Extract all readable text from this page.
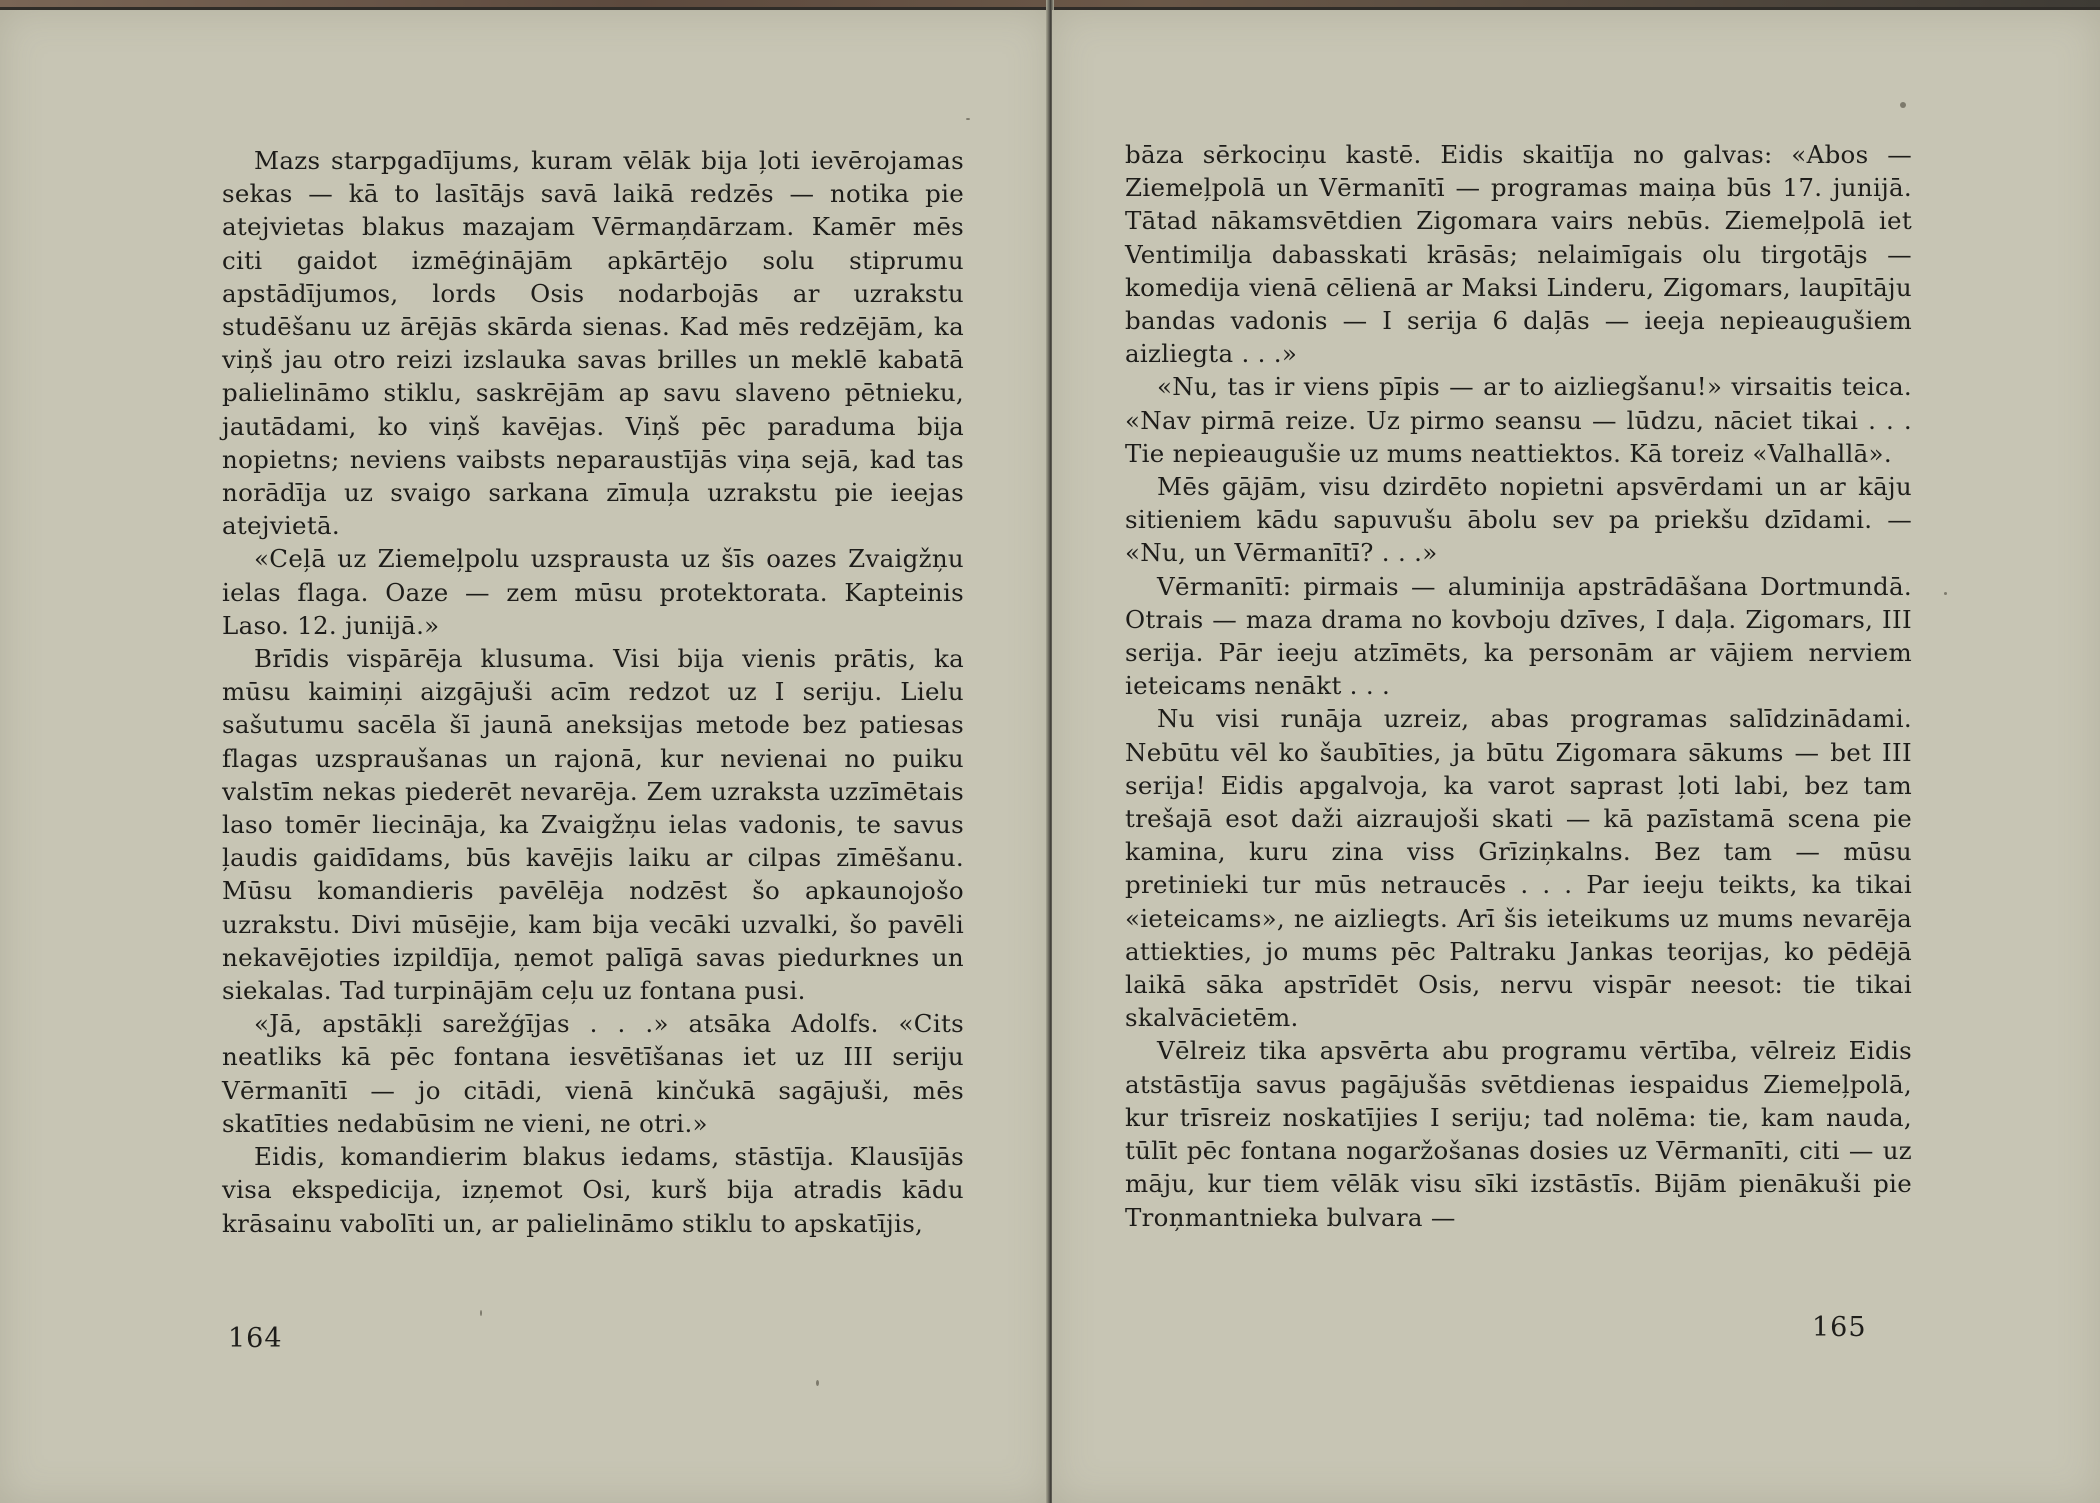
Mazs starpgadījums, kuram vēlāk bija ļoti ievērojamas sekas — kā to lasītājs savā laikā redzēs — notika pie atejvietas blakus mazajam Vērmaņdārzam. Kamēr mēs citi gaidot izmēģinājām apkārtējo solu stiprumu apstādījumos, lords Osis nodarbojās ar uzrakstu studēšanu uz ārējās skārda sienas. Kad mēs redzējām, ka viņš jau otro reizi izslauka savas brilles un meklē kabatā palielināmo stiklu, saskrējām ap savu slaveno pētnieku, jautādami, ko viņš kavējas. Viņš pēc paraduma bija nopietns; neviens vaibsts neparaustījās viņa sejā, kad tas norādīja uz svaigo sarkana zīmuļa uzrakstu pie ieejas atejvietā.

«Ceļā uz Ziemeļpolu uzsprausta uz šīs oazes Zvaigžņu ielas flaga. Oaze — zem mūsu protektorata. Kapteinis Laso. 12. junijā.»

Brīdis vispārēja klusuma. Visi bija vienis prātis, ka mūsu kaimiņi aizgājuši acīm redzot uz I seriju. Lielu sašutumu sacēla šī jaunā aneksijas metode bez patiesas flagas uzspraušanas un rajonā, kur nevienai no puiku valstīm nekas piederēt nevarēja. Zem uzraksta uzzīmētais laso tomēr liecināja, ka Zvaigžņu ielas vadonis, te savus ļaudis gaidīdams, būs kavējis laiku ar cilpas zīmēšanu. Mūsu komandieris pavēlēja nodzēst šo apkaunojošo uzrakstu. Divi mūsējie, kam bija vecāki uzvalki, šo pavēli nekavējoties izpildīja, ņemot palīgā savas piedurknes un siekalas. Tad turpinājām ceļu uz fontana pusi.

«Jā, apstākļi sarežģījas . . .» atsāka Adolfs. «Cits neatliks kā pēc fontana iesvētīšanas iet uz III seriju Vērmanītī — jo citādi, vienā kinčukā sagājuši, mēs skatīties nedabūsim ne vieni, ne otri.»

Eidis, komandierim blakus iedams, stāstīja. Klausījās visa ekspedicija, izņemot Osi, kurš bija atradis kādu krāsainu vabolīti un, ar palielināmo stiklu to apskatījis,

164

bāza sērkociņu kastē. Eidis skaitīja no galvas: «Abos — Ziemeļpolā un Vērmanītī — programas maiņa būs 17. junijā. Tātad nākamsvētdien Zigomara vairs nebūs. Ziemeļpolā iet Ventimilja dabasskati krāsās; nelaimīgais olu tirgotājs — komedija vienā cēlienā ar Maksi Linderu, Zigomars, laupītāju bandas vadonis — I serija 6 daļās — ieeja nepieaugušiem aizliegta . . .»

«Nu, tas ir viens pīpis — ar to aizliegšanu!» virsaitis teica. «Nav pirmā reize. Uz pirmo seansu — lūdzu, nāciet tikai . . . Tie nepieaugušie uz mums neattiektos. Kā toreiz «Valhallā».

Mēs gājām, visu dzirdēto nopietni apsvērdami un ar kāju sitieniem kādu sapuvušu ābolu sev pa priekšu dzīdami. — «Nu, un Vērmanītī? . . .»

Vērmanītī: pirmais — aluminija apstrādāšana Dortmundā. Otrais — maza drama no kovboju dzīves, I daļa. Zigomars, III serija. Pār ieeju atzīmēts, ka personām ar vājiem nerviem ieteicams nenākt . . .

Nu visi runāja uzreiz, abas programas salīdzinādami. Nebūtu vēl ko šaubīties, ja būtu Zigomara sākums — bet III serija! Eidis apgalvoja, ka varot saprast ļoti labi, bez tam trešajā esot daži aizraujoši skati — kā pazīstamā scena pie kamina, kuru zina viss Grīziņkalns. Bez tam — mūsu pretinieki tur mūs netraucēs . . . Par ieeju teikts, ka tikai «ieteicams», ne aizliegts. Arī šis ieteikums uz mums nevarēja attiekties, jo mums pēc Paltraku Jankas teorijas, ko pēdējā laikā sāka apstrīdēt Osis, nervu vispār neesot: tie tikai skalvācietēm.

Vēlreiz tika apsvērta abu programu vērtība, vēlreiz Eidis atstāstīja savus pagājušās svētdienas iespaidus Ziemeļpolā, kur trīsreiz noskatījies I seriju; tad nolēma: tie, kam nauda, tūlīt pēc fontana nogaržošanas dosies uz Vērmanīti, citi — uz māju, kur tiem vēlāk visu sīki izstāstīs. Bijām pienākuši pie Troņmantnieka bulvara —

165
